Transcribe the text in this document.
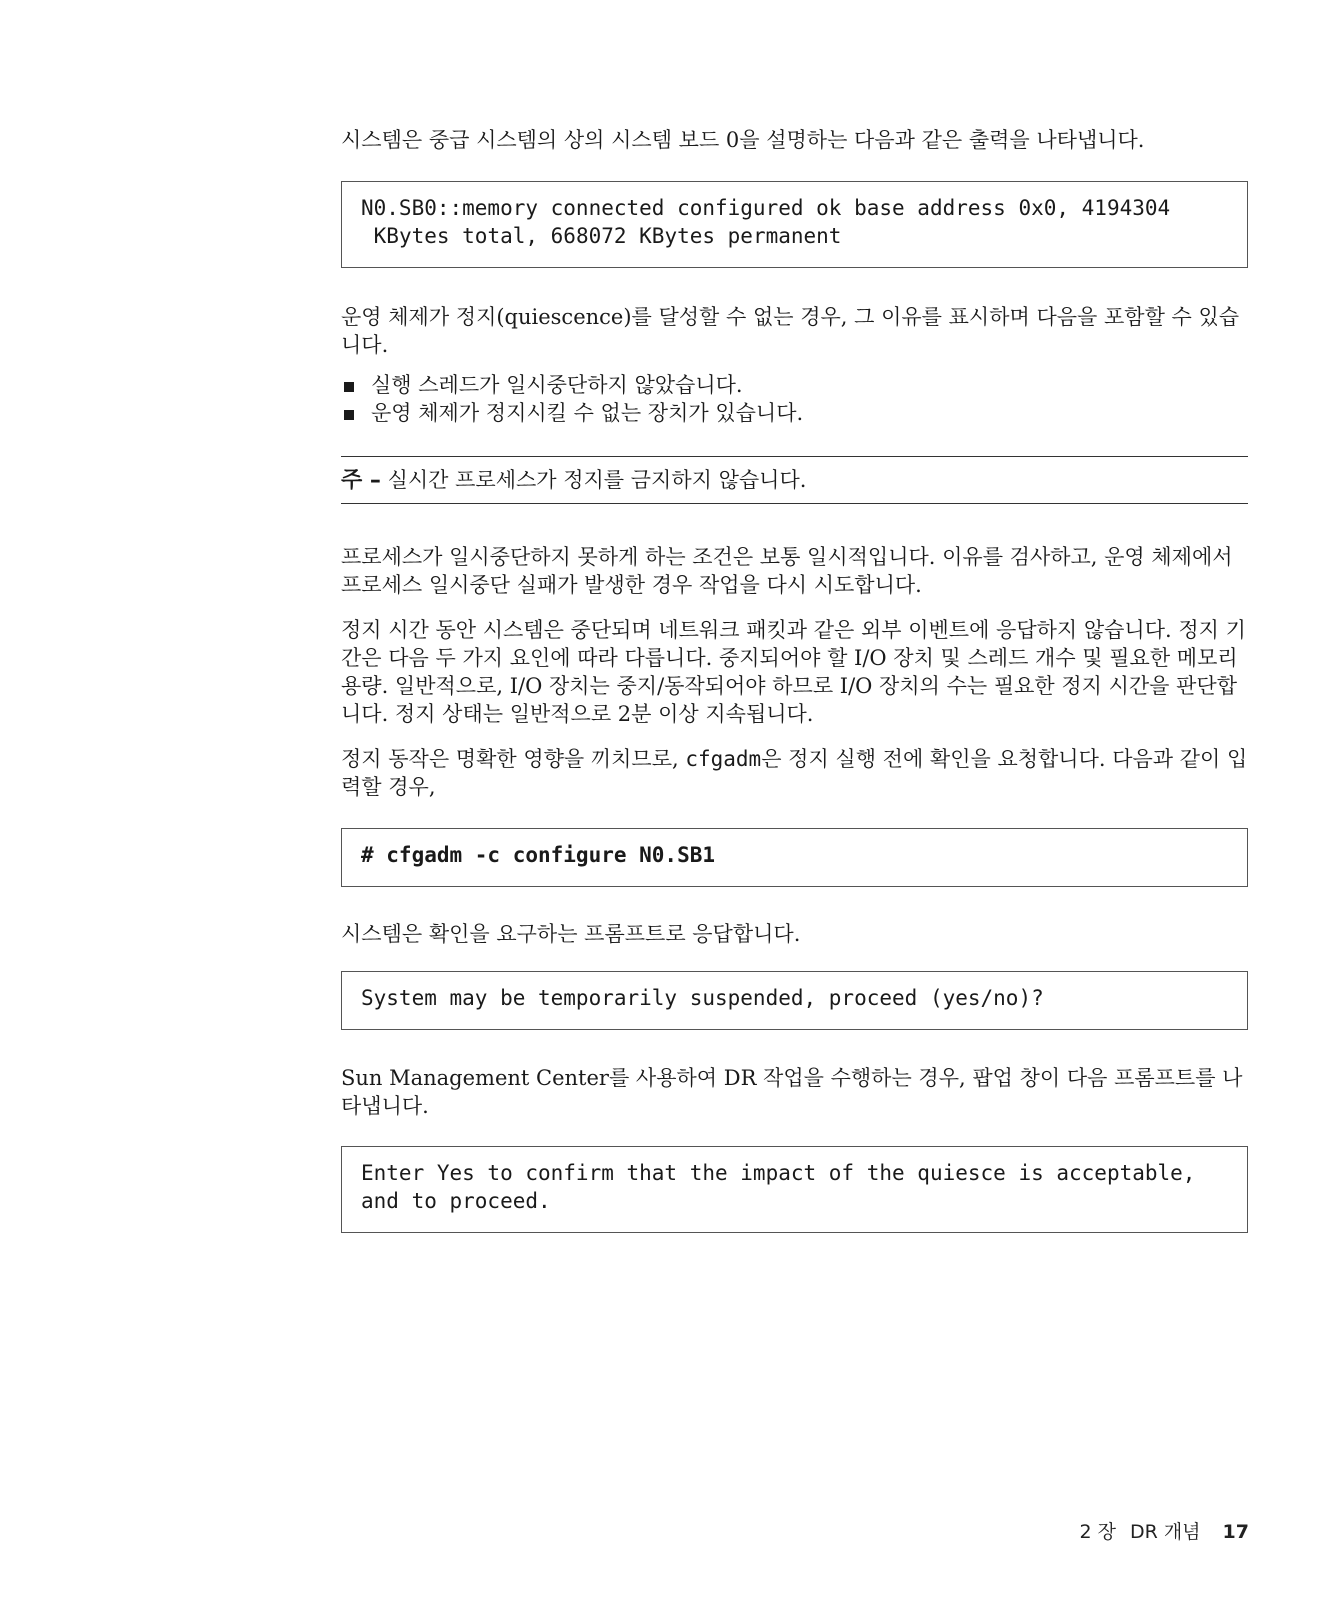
시스템은 중급 시스템의 상의 시스템 보드 0을 설명하는 다음과 같은 출력을 나타냅니다.

N0.SB0::memory connected configured ok base address 0x0, 4194304
KBytes total, 668072 KBytes permanent

운영 체제가 정지(quiescence)를 달성할 수 없는 경우, 그 이유를 표시하며 다음을 포함할 수 있습니다.

실행 스레드가 일시중단하지 않았습니다.
운영 체제가 정지시킬 수 없는 장치가 있습니다.
주 – 실시간 프로세스가 정지를 금지하지 않습니다.

프로세스가 일시중단하지 못하게 하는 조건은 보통 일시적입니다. 이유를 검사하고, 운영 체제에서 프로세스 일시중단 실패가 발생한 경우 작업을 다시 시도합니다.

정지 시간 동안 시스템은 중단되며 네트워크 패킷과 같은 외부 이벤트에 응답하지 않습니다. 정지 기간은 다음 두 가지 요인에 따라 다릅니다. 중지되어야 할 I/O 장치 및 스레드 개수 및 필요한 메모리 용량. 일반적으로, I/O 장치는 중지/동작되어야 하므로 I/O 장치의 수는 필요한 정지 시간을 판단합니다. 정지 상태는 일반적으로 2분 이상 지속됩니다.

정지 동작은 명확한 영향을 끼치므로, cfgadm은 정지 실행 전에 확인을 요청합니다. 다음과 같이 입력할 경우,

# cfgadm -c configure N0.SB1

시스템은 확인을 요구하는 프롬프트로 응답합니다.

System may be temporarily suspended, proceed (yes/no)?

Sun Management Center를 사용하여 DR 작업을 수행하는 경우, 팝업 창이 다음 프롬프트를 나타냅니다.

Enter Yes to confirm that the impact of the quiesce is acceptable,
and to proceed.
2 장 DR 개념 17
